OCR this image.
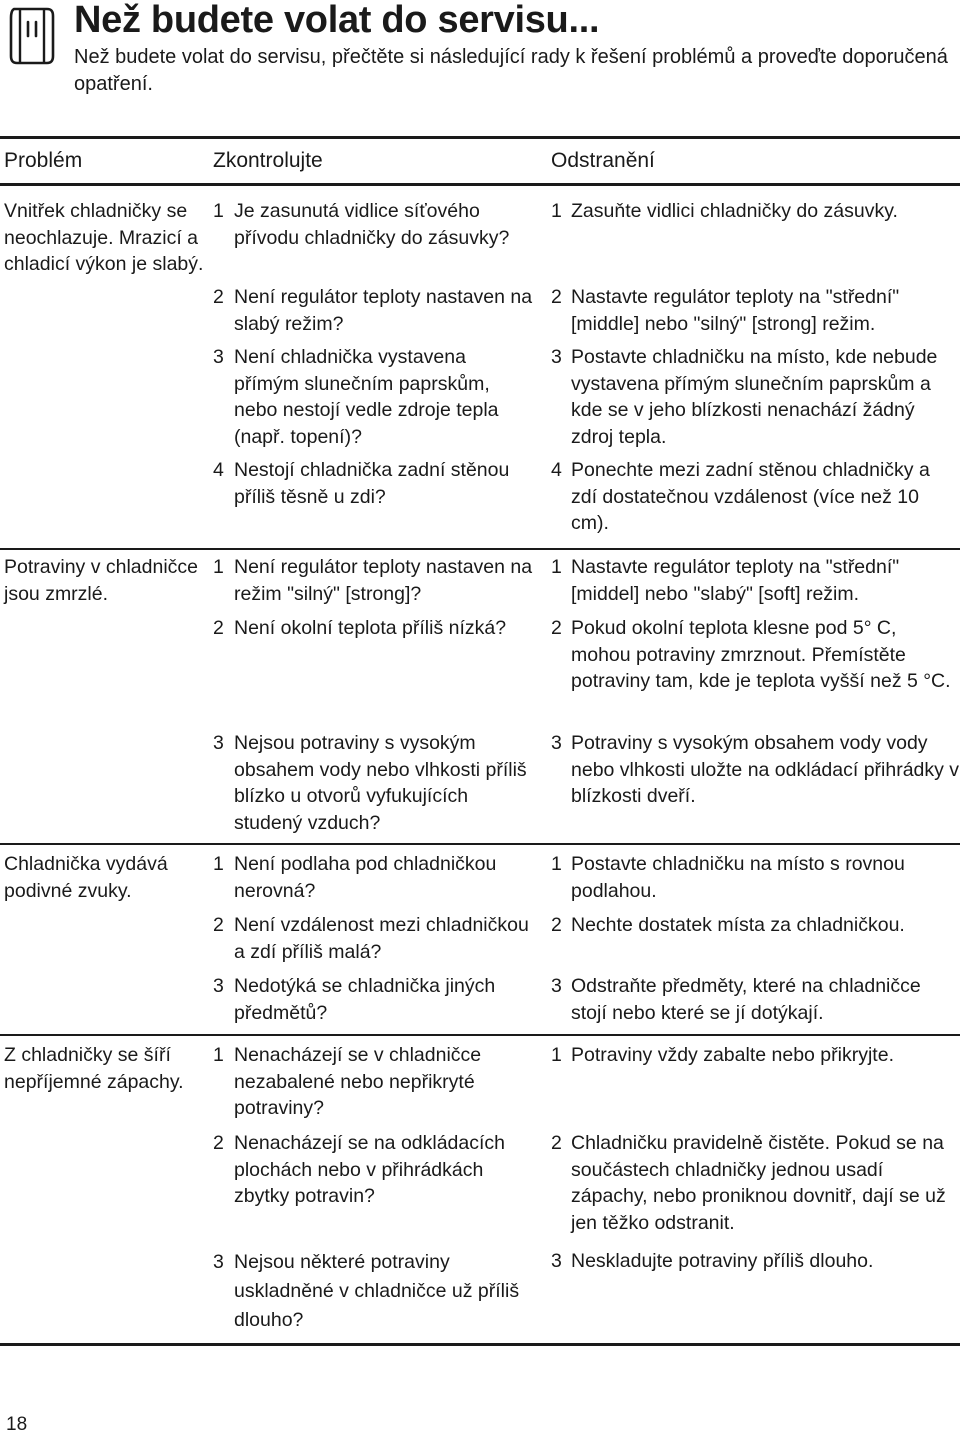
Než budete volat do servisu...
Než budete volat do servisu, přečtěte si následující rady k řešení problémů a proveďte doporučená opatření.
Problém	Zkontrolujte	Odstranění
Vnitřek chladničky se neochlazuje. Mrazicí a chladicí výkon je slabý.
1 Je zasunutá vidlice síťového přívodu chladničky do zásuvky?
2 Není regulátor teploty nastaven na slabý režim?
3 Není chladnička vystavena přímým slunečním paprskům, nebo nestojí vedle zdroje tepla (např. topení)?
4 Nestojí chladnička zadní stěnou příliš těsně u zdi?
1 Zasuňte vidlici chladničky do zásuvky.
2 Nastavte regulátor teploty na "střední" [middle] nebo "silný" [strong] režim.
3 Postavte chladničku na místo, kde nebude vystavena přímým slunečním paprskům a kde se v jeho blízkosti nenachází žádný zdroj tepla.
4 Ponechte mezi zadní stěnou chladničky a zdí dostatečnou vzdálenost (více než 10 cm).
Potraviny v chladničce jsou zmrzlé.
1 Není regulátor teploty nastaven na režim "silný" [strong]?
2 Není okolní teplota příliš nízká?
3 Nejsou potraviny s vysokým obsahem vody nebo vlhkosti příliš blízko u otvorů vyfukujících studený vzduch?
1 Nastavte regulátor teploty na "střední" [middel] nebo "slabý" [soft] režim.
2 Pokud okolní teplota klesne pod 5° C, mohou potraviny zmrznout. Přemístěte potraviny tam, kde je teplota vyšší než 5 °C.
3 Potraviny s vysokým obsahem vody vody nebo vlhkosti uložte na odkládací přihrádky v blízkosti dveří.
Chladnička vydává podivné zvuky.
1 Není podlaha pod chladničkou nerovná?
2 Není vzdálenost mezi chladničkou a zdí příliš malá?
3 Nedotýká se chladnička jiných předmětů?
1 Postavte chladničku na místo s rovnou podlahou.
2 Nechte dostatek místa za chladničkou.
3 Odstraňte předměty, které na chladničce stojí nebo které se jí dotýkají.
Z chladničky se šíří nepříjemné zápachy.
1 Nenacházejí se v chladničce nezabalené nebo nepřikryté potraviny?
2 Nenacházejí se na odkládacích plochách nebo v přihrádkách zbytky potravin?
3 Nejsou některé potraviny uskladněné v chladničce už příliš dlouho?
1 Potraviny vždy zabalte nebo přikryjte.
2 Chladničku pravidelně čistěte. Pokud se na součástech chladničky jednou usadí zápachy, nebo proniknou dovnitř, dají se už jen těžko odstranit.
3 Neskladujte potraviny příliš dlouho.
18
